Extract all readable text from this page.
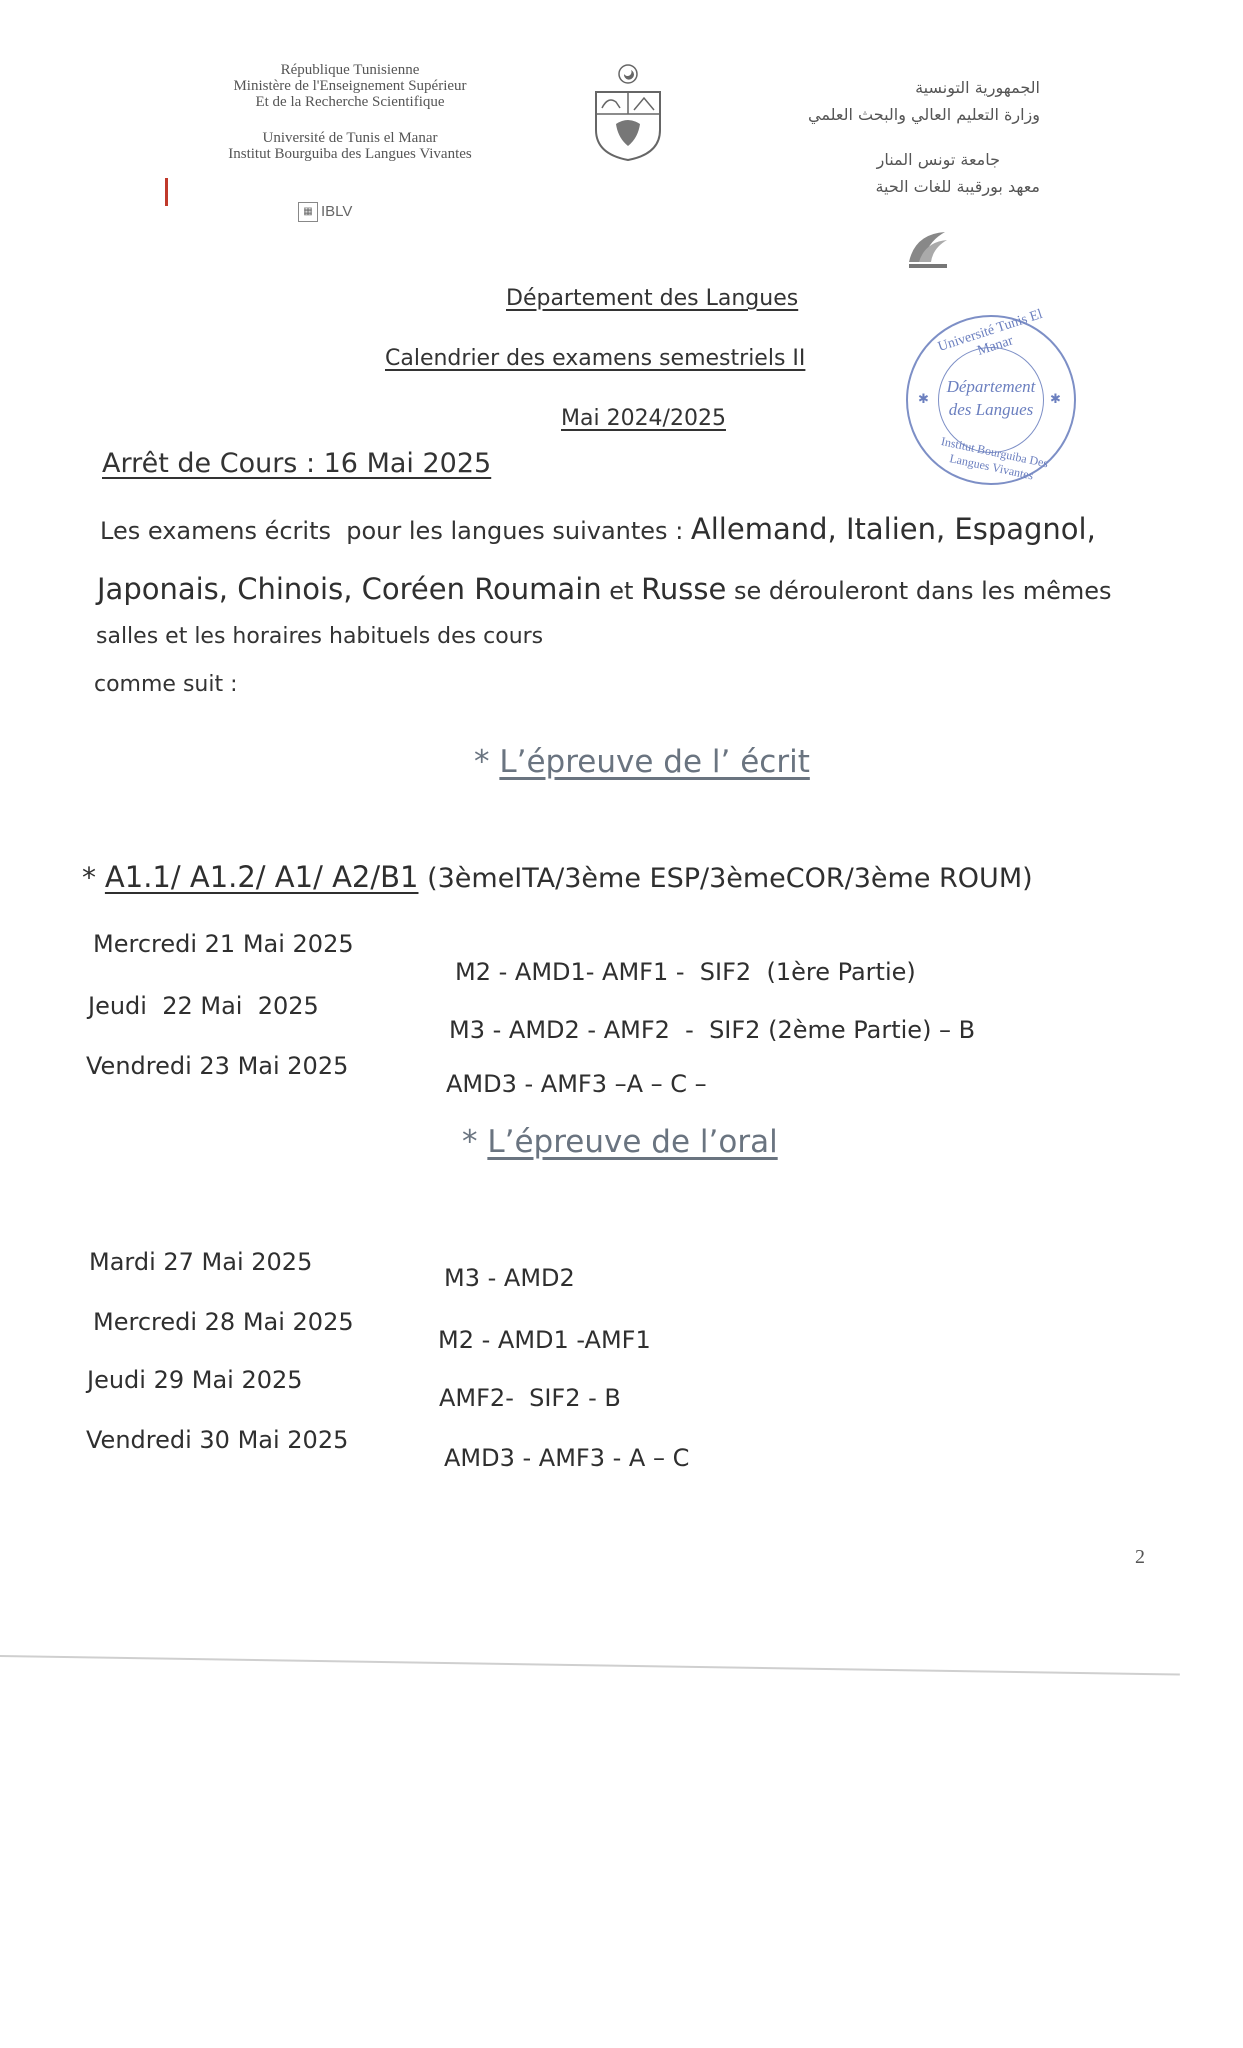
République Tunisienne
Ministère de l'Enseignement Supérieur
Et de la Recherche Scientifique
Université de Tunis el Manar
Institut Bourguiba des Langues Vivantes
▦ IBLV
الجمهورية التونسية
وزارة التعليم العالي والبحث العلمي
جامعة تونس المنار
معهد بورقيبة للغات الحية
Département des Langues
Calendrier des examens semestriels II
Mai 2024/2025
Université Tunis El Manar
Département des Langues
Institut Bourguiba Des Langues Vivantes
✱	✱
Arrêt de Cours : 16 Mai 2025
Les examens écrits  pour les langues suivantes : Allemand, Italien, Espagnol,
Japonais, Chinois, Coréen Roumain et Russe se dérouleront dans les mêmes
salles et les horaires habituels des cours
comme suit :
* L’épreuve de l’ écrit
* A1.1/ A1.2/ A1/ A2/B1 (3èmeITA/3ème ESP/3èmeCOR/3ème ROUM)
Mercredi 21 Mai 2025
M2 - AMD1- AMF1 -  SIF2  (1ère Partie)
Jeudi  22 Mai  2025
M3 - AMD2 - AMF2  -  SIF2 (2ème Partie) – B
Vendredi 23 Mai 2025
AMD3 - AMF3 –A – C –
* L’épreuve de l’oral
Mardi 27 Mai 2025
M3 - AMD2
Mercredi 28 Mai 2025
M2 - AMD1 -AMF1
Jeudi 29 Mai 2025
AMF2-  SIF2 - B
Vendredi 30 Mai 2025
AMD3 - AMF3 - A – C
2
